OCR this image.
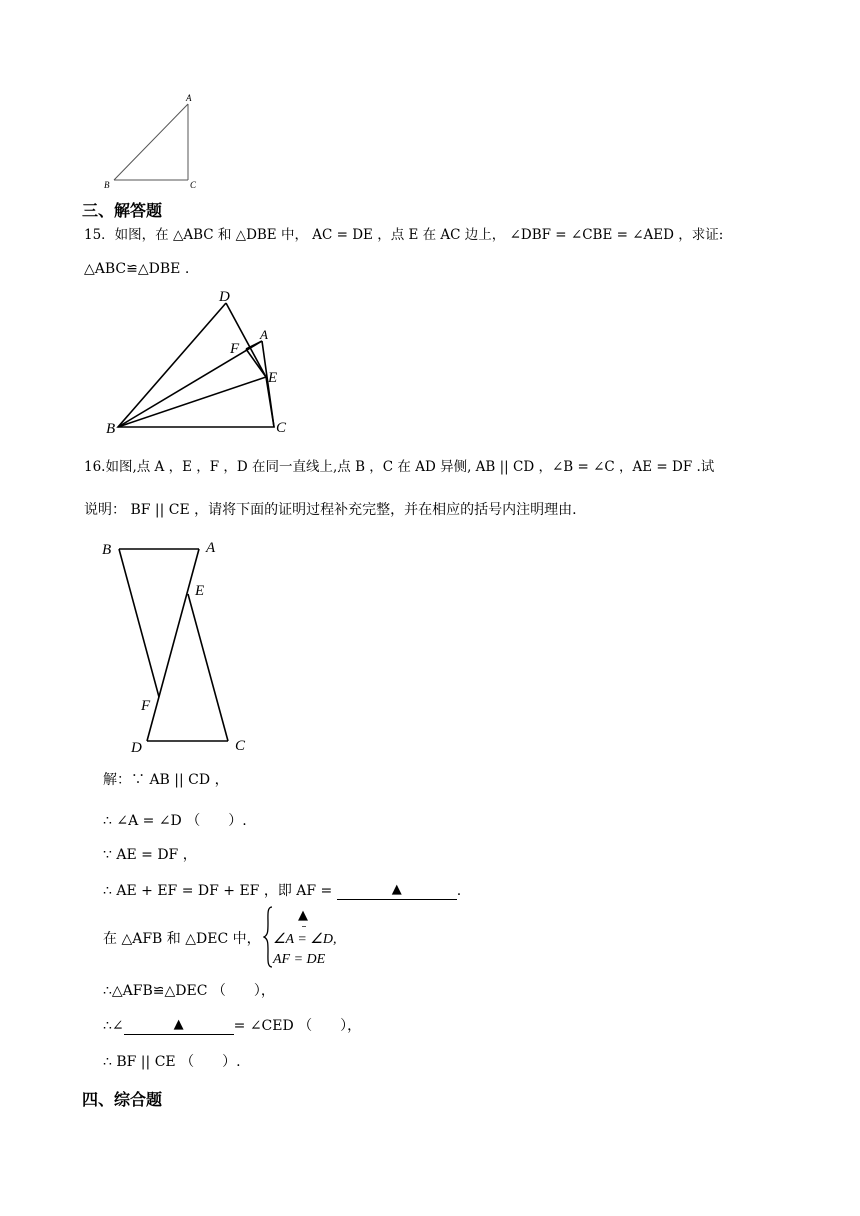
A
B	C
三、解答题
15．如图，在 △ABC 和 △DBE 中， AC = DE ，点 E 在 AC 边上， ∠DBF = ∠CBE = ∠AED ，求证:
△ABC≌△DBE .
D
A
F
E
B	C
16.如图,点 A ，E ，F ，D 在同一直线上,点 B ，C 在 AD 异侧, AB || CD ，∠B = ∠C ，AE = DF .试
说明： BF || CE ，请将下面的证明过程补充完整，并在相应的括号内注明理由.
B	A
E
F
D	C
解：∵ AB || CD ，
∴ ∠A = ∠D （　　）.
∵ AE = DF ，
∴ AE + EF = DF + EF ，即 AF =	▲	.
在 △AFB 和 △DEC 中，
▲
∠A = ∠D,
AF = DE
∴△AFB≌△DEC （　　），
∴∠	▲	= ∠CED （　　），
∴ BF || CE （　　）.
四、综合题
